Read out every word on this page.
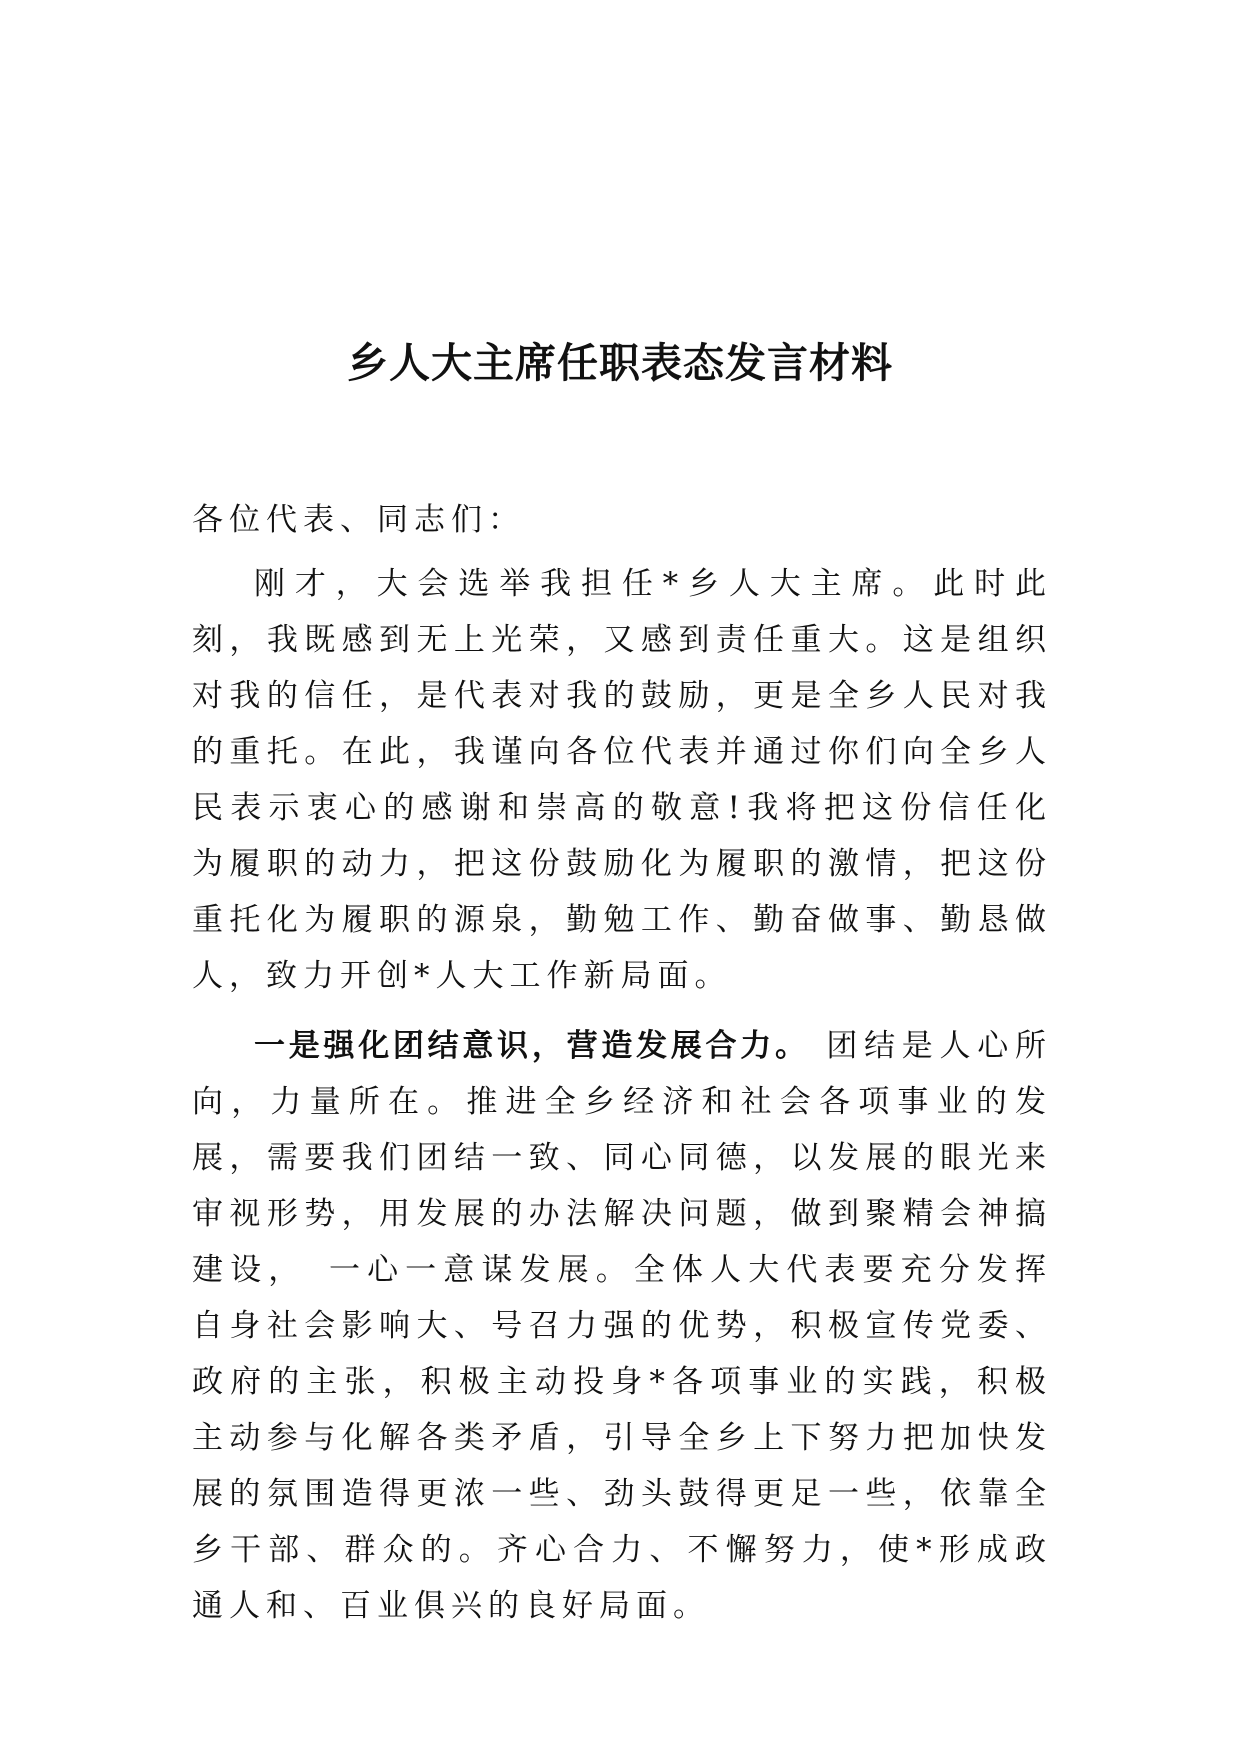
乡人大主席任职表态发言材料

各位代表、同志们：

刚才，大会选举我担任*乡人大主席。此时此刻，我既感到无上光荣，又感到责任重大。这是组织对我的信任，是代表对我的鼓励，更是全乡人民对我的重托。在此，我谨向各位代表并通过你们向全乡人民表示衷心的感谢和崇高的敬意!我将把这份信任化为履职的动力，把这份鼓励化为履职的激情，把这份重托化为履职的源泉，勤勉工作、勤奋做事、勤恳做人，致力开创*人大工作新局面。

一是强化团结意识，营造发展合力。 团结是人心所向，力量所在。推进全乡经济和社会各项事业的发展，需要我们团结一致、同心同德，以发展的眼光来审视形势，用发展的办法解决问题，做到聚精会神搞建设，　一心一意谋发展。全体人大代表要充分发挥自身社会影响大、号召力强的优势，积极宣传党委、政府的主张，积极主动投身*各项事业的实践，积极主动参与化解各类矛盾，引导全乡上下努力把加快发展的氛围造得更浓一些、劲头鼓得更足一些，依靠全乡干部、群众的。齐心合力、不懈努力，使*形成政通人和、百业俱兴的良好局面。
